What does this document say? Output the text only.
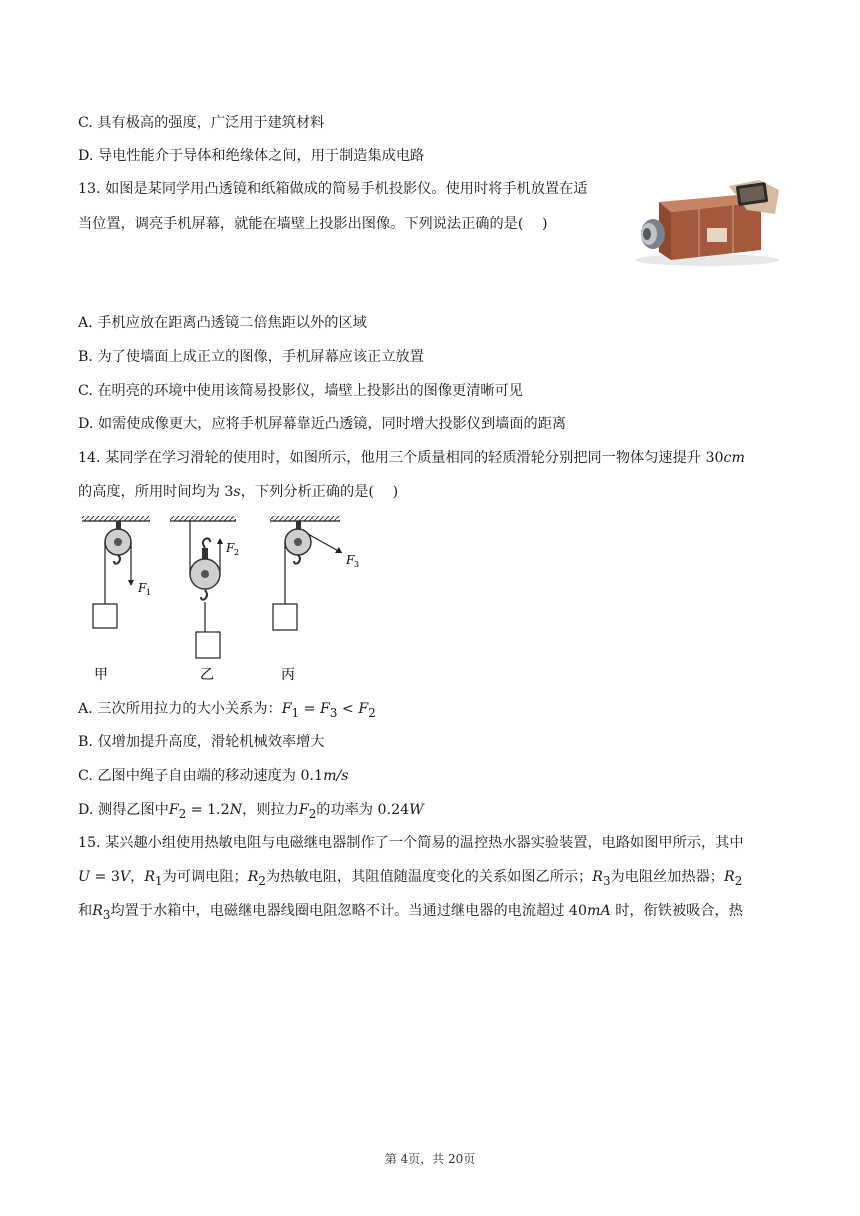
C. 具有极高的强度，广泛用于建筑材料
D. 导电性能介于导体和绝缘体之间，用于制造集成电路
13. 如图是某同学用凸透镜和纸箱做成的简易手机投影仪。使用时将手机放置在适
当位置，调亮手机屏幕，就能在墙壁上投影出图像。下列说法正确的是(　 )
A. 手机应放在距离凸透镜二倍焦距以外的区域
B. 为了使墙面上成正立的图像，手机屏幕应该正立放置
C. 在明亮的环境中使用该简易投影仪，墙壁上投影出的图像更清晰可见
D. 如需使成像更大，应将手机屏幕靠近凸透镜，同时增大投影仪到墙面的距离
14. 某同学在学习滑轮的使用时，如图所示，他用三个质量相同的轻质滑轮分别把同一物体匀速提升 30cm
的高度，所用时间均为 3s，下列分析正确的是(　 )
F 1
甲
F 2
乙
F 3
丙
A. 三次所用拉力的大小关系为：$F_1 = F_3 < F_2$
B. 仅增加提升高度，滑轮机械效率增大
C. 乙图中绳子自由端的移动速度为 0.1m/s
D. 测得乙图中$F_2 = 1.2N$，则拉力$F_2$的功率为 0.24W
15. 某兴趣小组使用热敏电阻与电磁继电器制作了一个简易的温控热水器实验装置，电路如图甲所示，其中
U = 3V，$R_1$为可调电阻；$R_2$为热敏电阻，其阻值随温度变化的关系如图乙所示；$R_3$为电阻丝加热器；$R_2$
和$R_3$均置于水箱中，电磁继电器线圈电阻忽略不计。当通过继电器的电流超过 40mA 时，衔铁被吸合，热
第 4页，共 20页
